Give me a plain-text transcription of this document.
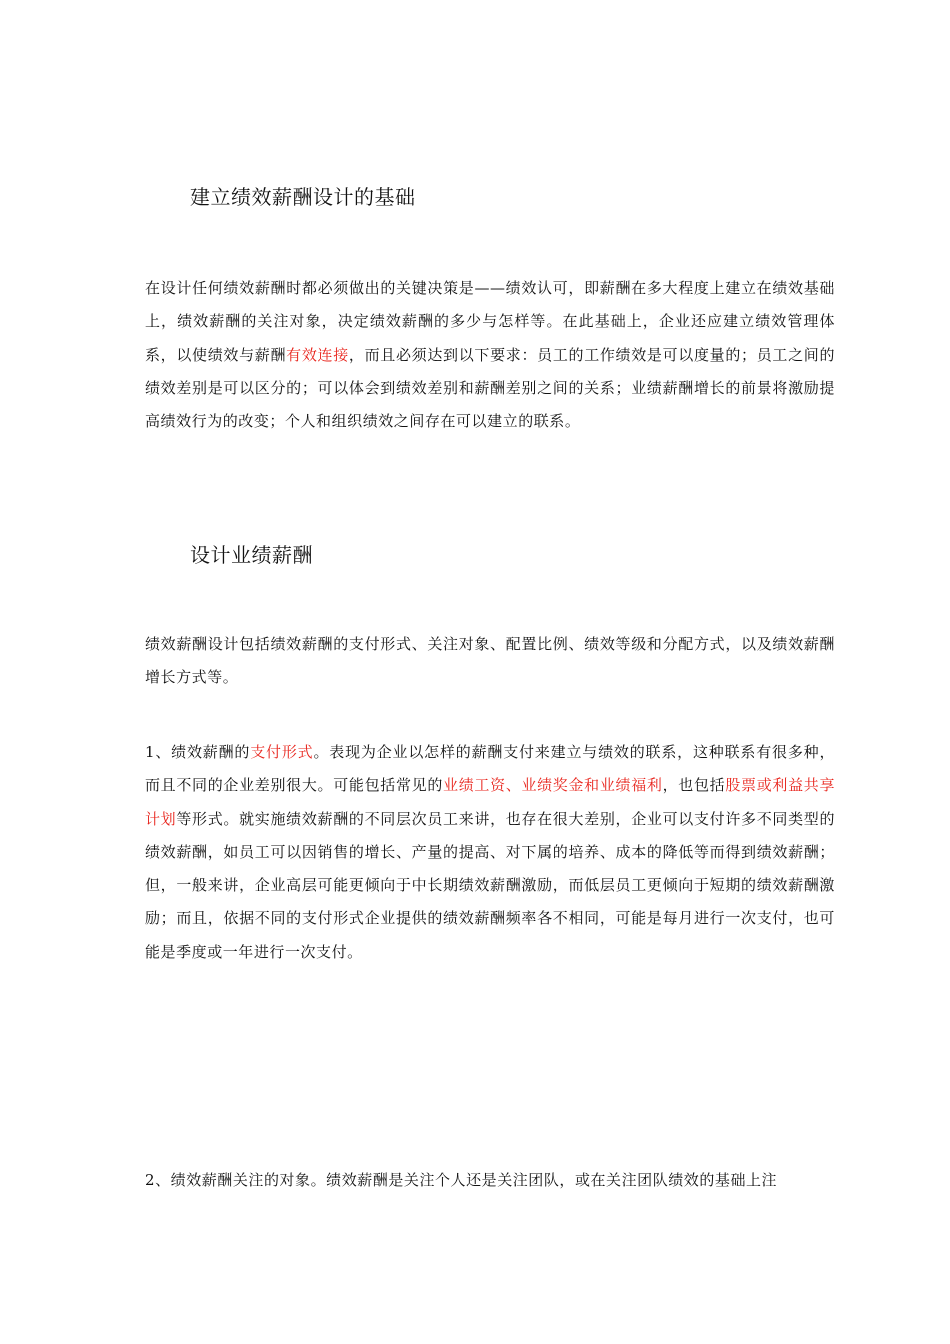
建立绩效薪酬设计的基础

在设计任何绩效薪酬时都必须做出的关键决策是——绩效认可，即薪酬在多大程度上建立在绩效基础上，绩效薪酬的关注对象，决定绩效薪酬的多少与怎样等。在此基础上，企业还应建立绩效管理体系，以使绩效与薪酬有效连接，而且必须达到以下要求：员工的工作绩效是可以度量的；员工之间的绩效差别是可以区分的；可以体会到绩效差别和薪酬差别之间的关系；业绩薪酬增长的前景将激励提高绩效行为的改变；个人和组织绩效之间存在可以建立的联系。

设计业绩薪酬

绩效薪酬设计包括绩效薪酬的支付形式、关注对象、配置比例、绩效等级和分配方式，以及绩效薪酬增长方式等。

1、绩效薪酬的支付形式。表现为企业以怎样的薪酬支付来建立与绩效的联系，这种联系有很多种，而且不同的企业差别很大。可能包括常见的业绩工资、业绩奖金和业绩福利，也包括股票或利益共享计划等形式。就实施绩效薪酬的不同层次员工来讲，也存在很大差别，企业可以支付许多不同类型的绩效薪酬，如员工可以因销售的增长、产量的提高、对下属的培养、成本的降低等而得到绩效薪酬；但，一般来讲，企业高层可能更倾向于中长期绩效薪酬激励，而低层员工更倾向于短期的绩效薪酬激励；而且，依据不同的支付形式企业提供的绩效薪酬频率各不相同，可能是每月进行一次支付，也可能是季度或一年进行一次支付。

2、绩效薪酬关注的对象。绩效薪酬是关注个人还是关注团队，或在关注团队绩效的基础上注
